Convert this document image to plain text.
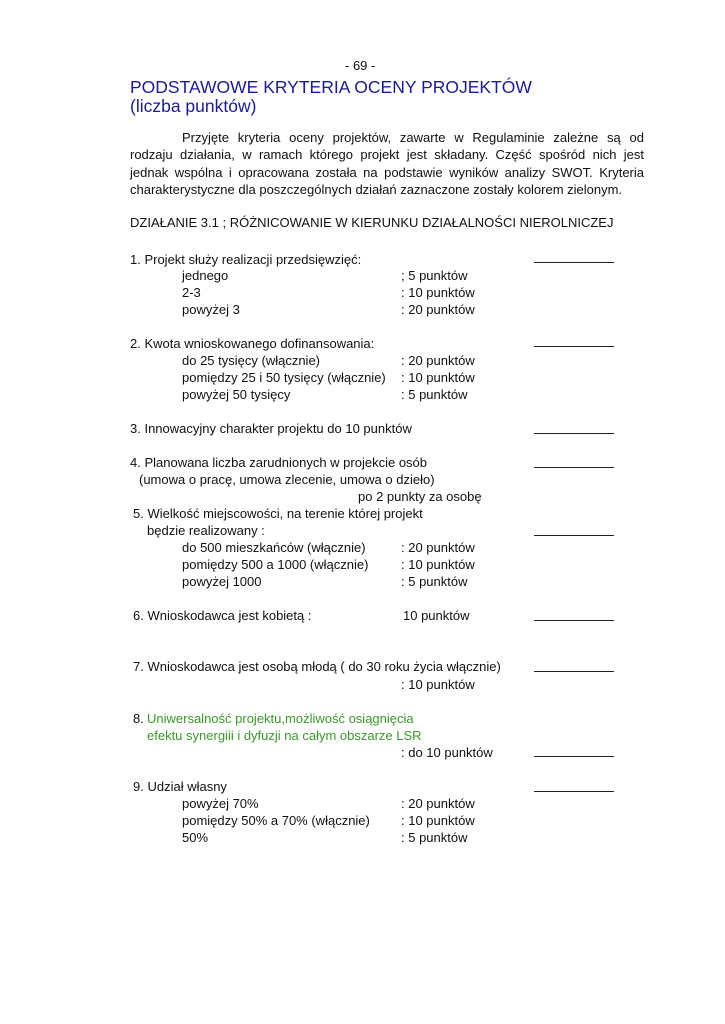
- 69 -
PODSTAWOWE KRYTERIA OCENY PROJEKTÓW
(liczba punktów)
Przyjęte kryteria oceny projektów, zawarte w Regulaminie zależne są od
rodzaju działania, w ramach którego projekt jest składany. Część spośród nich jest
jednak wspólna i opracowana została na podstawie wyników analizy SWOT. Kryteria
charakterystyczne dla poszczególnych działań zaznaczone zostały kolorem zielonym.
DZIAŁANIE 3.1 ; RÓŻNICOWANIE W KIERUNKU DZIAŁALNOŚCI NIEROLNICZEJ
1. Projekt służy realizacji przedsięwzięć:
jednego	; 5 punktów
2-3	: 10 punktów
powyżej 3	: 20 punktów
2. Kwota wnioskowanego dofinansowania:
do 25 tysięcy (włącznie)	: 20 punktów
pomiędzy 25 i 50 tysięcy (włącznie) : 10 punktów
powyżej 50 tysięcy	: 5 punktów
3. Innowacyjny charakter projektu do 10 punktów
4. Planowana liczba zarudnionych w projekcie osób
(umowa o pracę, umowa zlecenie, umowa o dzieło)
po 2 punkty za osobę
5. Wielkość miejscowości, na terenie której projekt
będzie realizowany :
do 500 mieszkańców (włącznie)	: 20 punktów
pomiędzy 500 a 1000 (włącznie)	: 10 punktów
powyżej 1000	: 5 punktów
6. Wnioskodawca jest kobietą :	10 punktów
7. Wnioskodawca jest osobą młodą ( do 30 roku życia włącznie)
: 10 punktów
8. Uniwersalność projektu,możliwość osiągnięcia
efektu synergiii i dyfuzji na całym obszarze LSR
: do 10 punktów
9. Udział własny
powyżej 70%	: 20 punktów
pomiędzy 50% a 70% (włącznie) : 10 punktów
50%	: 5 punktów
